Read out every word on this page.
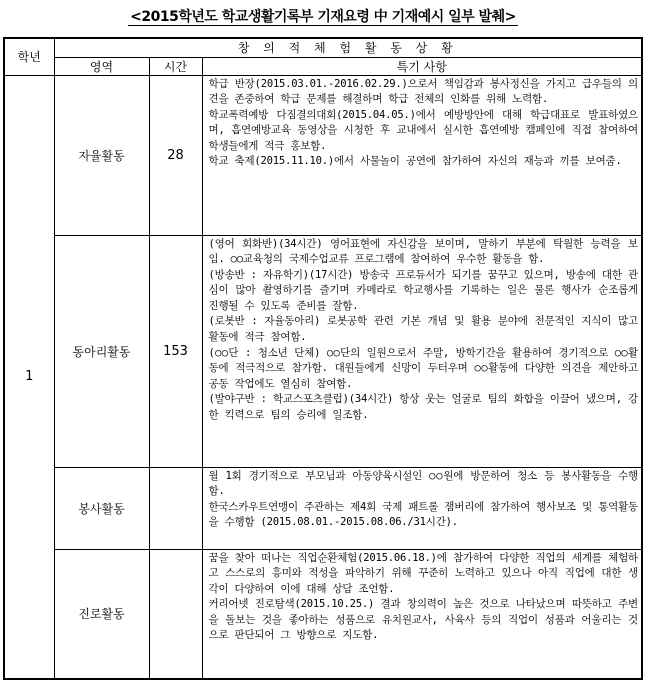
<2015학년도 학교생활기록부 기재요령 中 기재예시 일부 발췌>
학년	창 의 적 체 험 활 동 상 황		
	영역	시간	특기 사항
1	자율활동	28	학급 반장(2015.03.01.-2016.02.29.)으로서 책임감과 봉사정신을 가지고 급우들의 의견을 존중하여 학급 문제를 해결하며 학급 전체의 인화를 위해 노력함.

학교폭력예방 다짐결의대회(2015.04.05.)에서 예방방안에 대해 학급대표로 발표하였으며, 흡연예방교육 동영상을 시청한 후 교내에서 실시한 흡연예방 캠페인에 직접 참여하여 학생들에게 적극 홍보함.

학교 축제(2015.11.10.)에서 사물놀이 공연에 참가하여 자신의 재능과 끼를 보여줌.

	동아리활동	153	(영어 회화반)(34시간) 영어표현에 자신감을 보이며, 말하기 부분에 탁월한 능력을 보임. ○○교육청의 국제수업교류 프로그램에 참여하여 우수한 활동을 함.

(방송반 : 자유학기)(17시간) 방송국 프로듀서가 되기를 꿈꾸고 있으며, 방송에 대한 관심이 많아 촬영하기를 즐기며 카메라로 학교행사를 기록하는 일은 물론 행사가 순조롭게 진행될 수 있도록 준비를 잘함.

(로봇반 : 자율동아리) 로봇공학 관련 기본 개념 및 활용 분야에 전문적인 지식이 많고 활동에 적극 참여함.

(○○단 : 청소년 단체) ○○단의 일원으로서 주말, 방학기간을 활용하여 경기적으로 ○○활동에 적극적으로 참가함. 대원들에게 신망이 두터우며 ○○활동에 다양한 의견을 제안하고 공동 작업에도 열심히 참여함.

(발야구반 : 학교스포츠클럽)(34시간) 항상 웃는 얼굴로 팀의 화합을 이끌어 냈으며, 강한 킥력으로 팀의 승리에 일조함.

	봉사활동		월 1회 경기적으로 부모님과 아동양육시설인 ○○원에 방문하여 청소 등 봉사활동을 수행함.

한국스카우트연맹이 주관하는 제4회 국제 패트롤 잼버리에 참가하여 행사보조 및 통역활동을 수행함 (2015.08.01.-2015.08.06./31시간).

	진로활동		꿈을 찾아 떠나는 직업순환체험(2015.06.18.)에 참가하여 다양한 직업의 세계를 체험하고 스스로의 흥미와 적성을 파악하기 위해 꾸준히 노력하고 있으나 아직 직업에 대한 생각이 다양하여 이에 대해 상담 조언함.

커리어넷 진로탐색(2015.10.25.) 결과 창의력이 높은 것으로 나타났으며 따뜻하고 주변을 돌보는 것을 좋아하는 성품으로 유치원교사, 사육사 등의 직업이 성품과 어울리는 것으로 판단되어 그 방향으로 지도함.
